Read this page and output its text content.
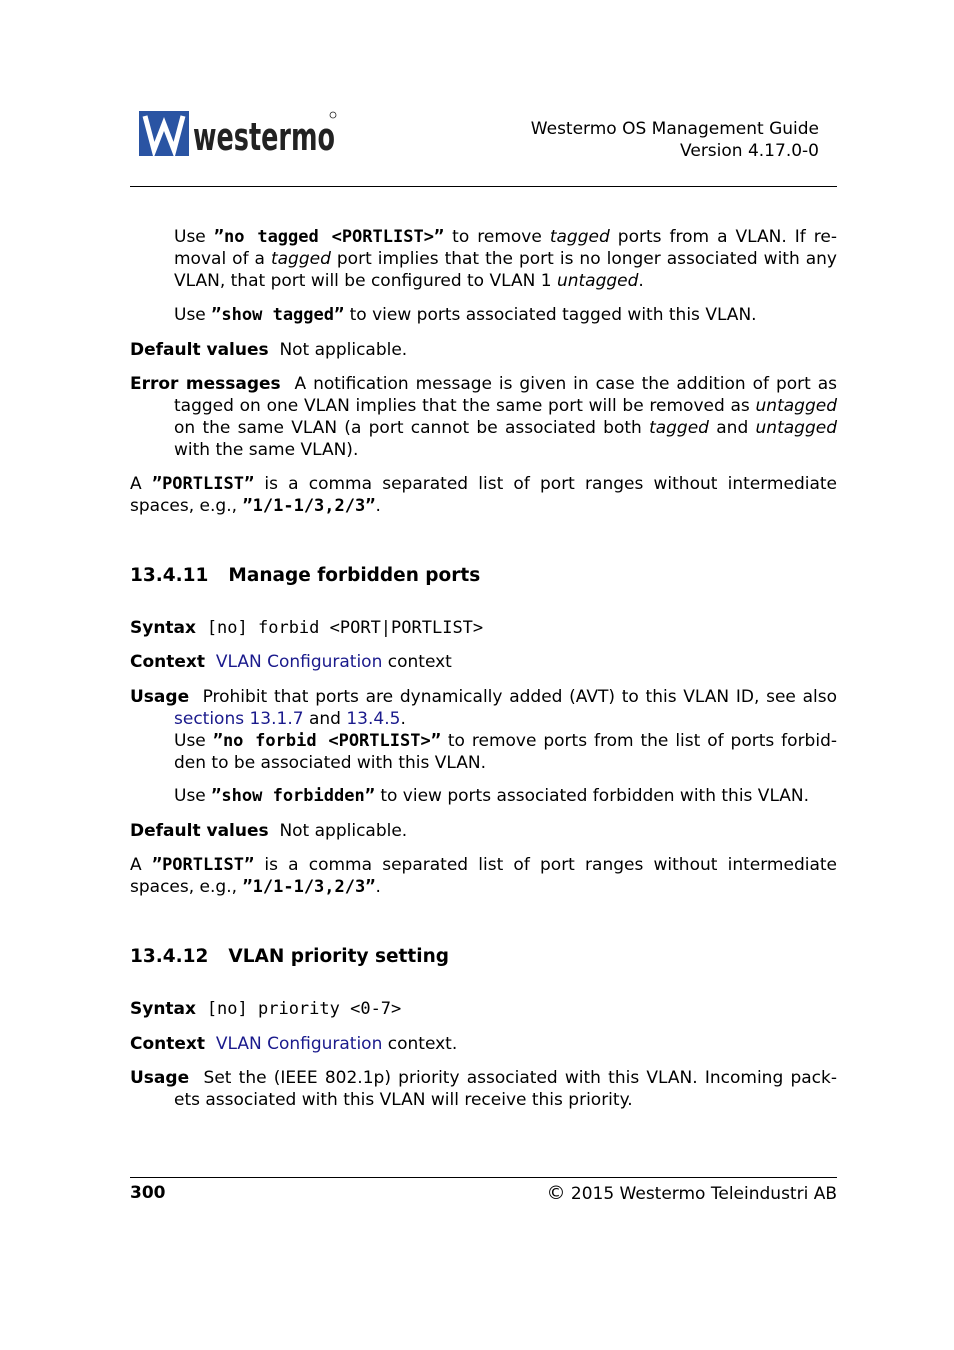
westermo	Westermo OS Management Guide
Version 4.17.0-0
Use ”no tagged <PORTLIST>” to remove tagged ports from a VLAN. If re-
moval of a tagged port implies that the port is no longer associated with any
VLAN, that port will be configured to VLAN 1 untagged.
Use ”show tagged” to view ports associated tagged with this VLAN.
Default values Not applicable.
Error messages A notification message is given in case the addition of port as
tagged on one VLAN implies that the same port will be removed as untagged
on the same VLAN (a port cannot be associated both tagged and untagged
with the same VLAN).
A ”PORTLIST” is a comma separated list of port ranges without intermediate
spaces, e.g., ”1/1-1/3,2/3”.
13.4.11 Manage forbidden ports
Syntax [no] forbid <PORT|PORTLIST>
Context VLAN Configuration context
Usage Prohibit that ports are dynamically added (AVT) to this VLAN ID, see also
sections 13.1.7 and 13.4.5.
Use ”no forbid <PORTLIST>” to remove ports from the list of ports forbid-
den to be associated with this VLAN.
Use ”show forbidden” to view ports associated forbidden with this VLAN.
Default values Not applicable.
A ”PORTLIST” is a comma separated list of port ranges without intermediate
spaces, e.g., ”1/1-1/3,2/3”.
13.4.12 VLAN priority setting
Syntax [no] priority <0-7>
Context VLAN Configuration context.
Usage Set the (IEEE 802.1p) priority associated with this VLAN. Incoming pack-
ets associated with this VLAN will receive this priority.
300	© 2015 Westermo Teleindustri AB
